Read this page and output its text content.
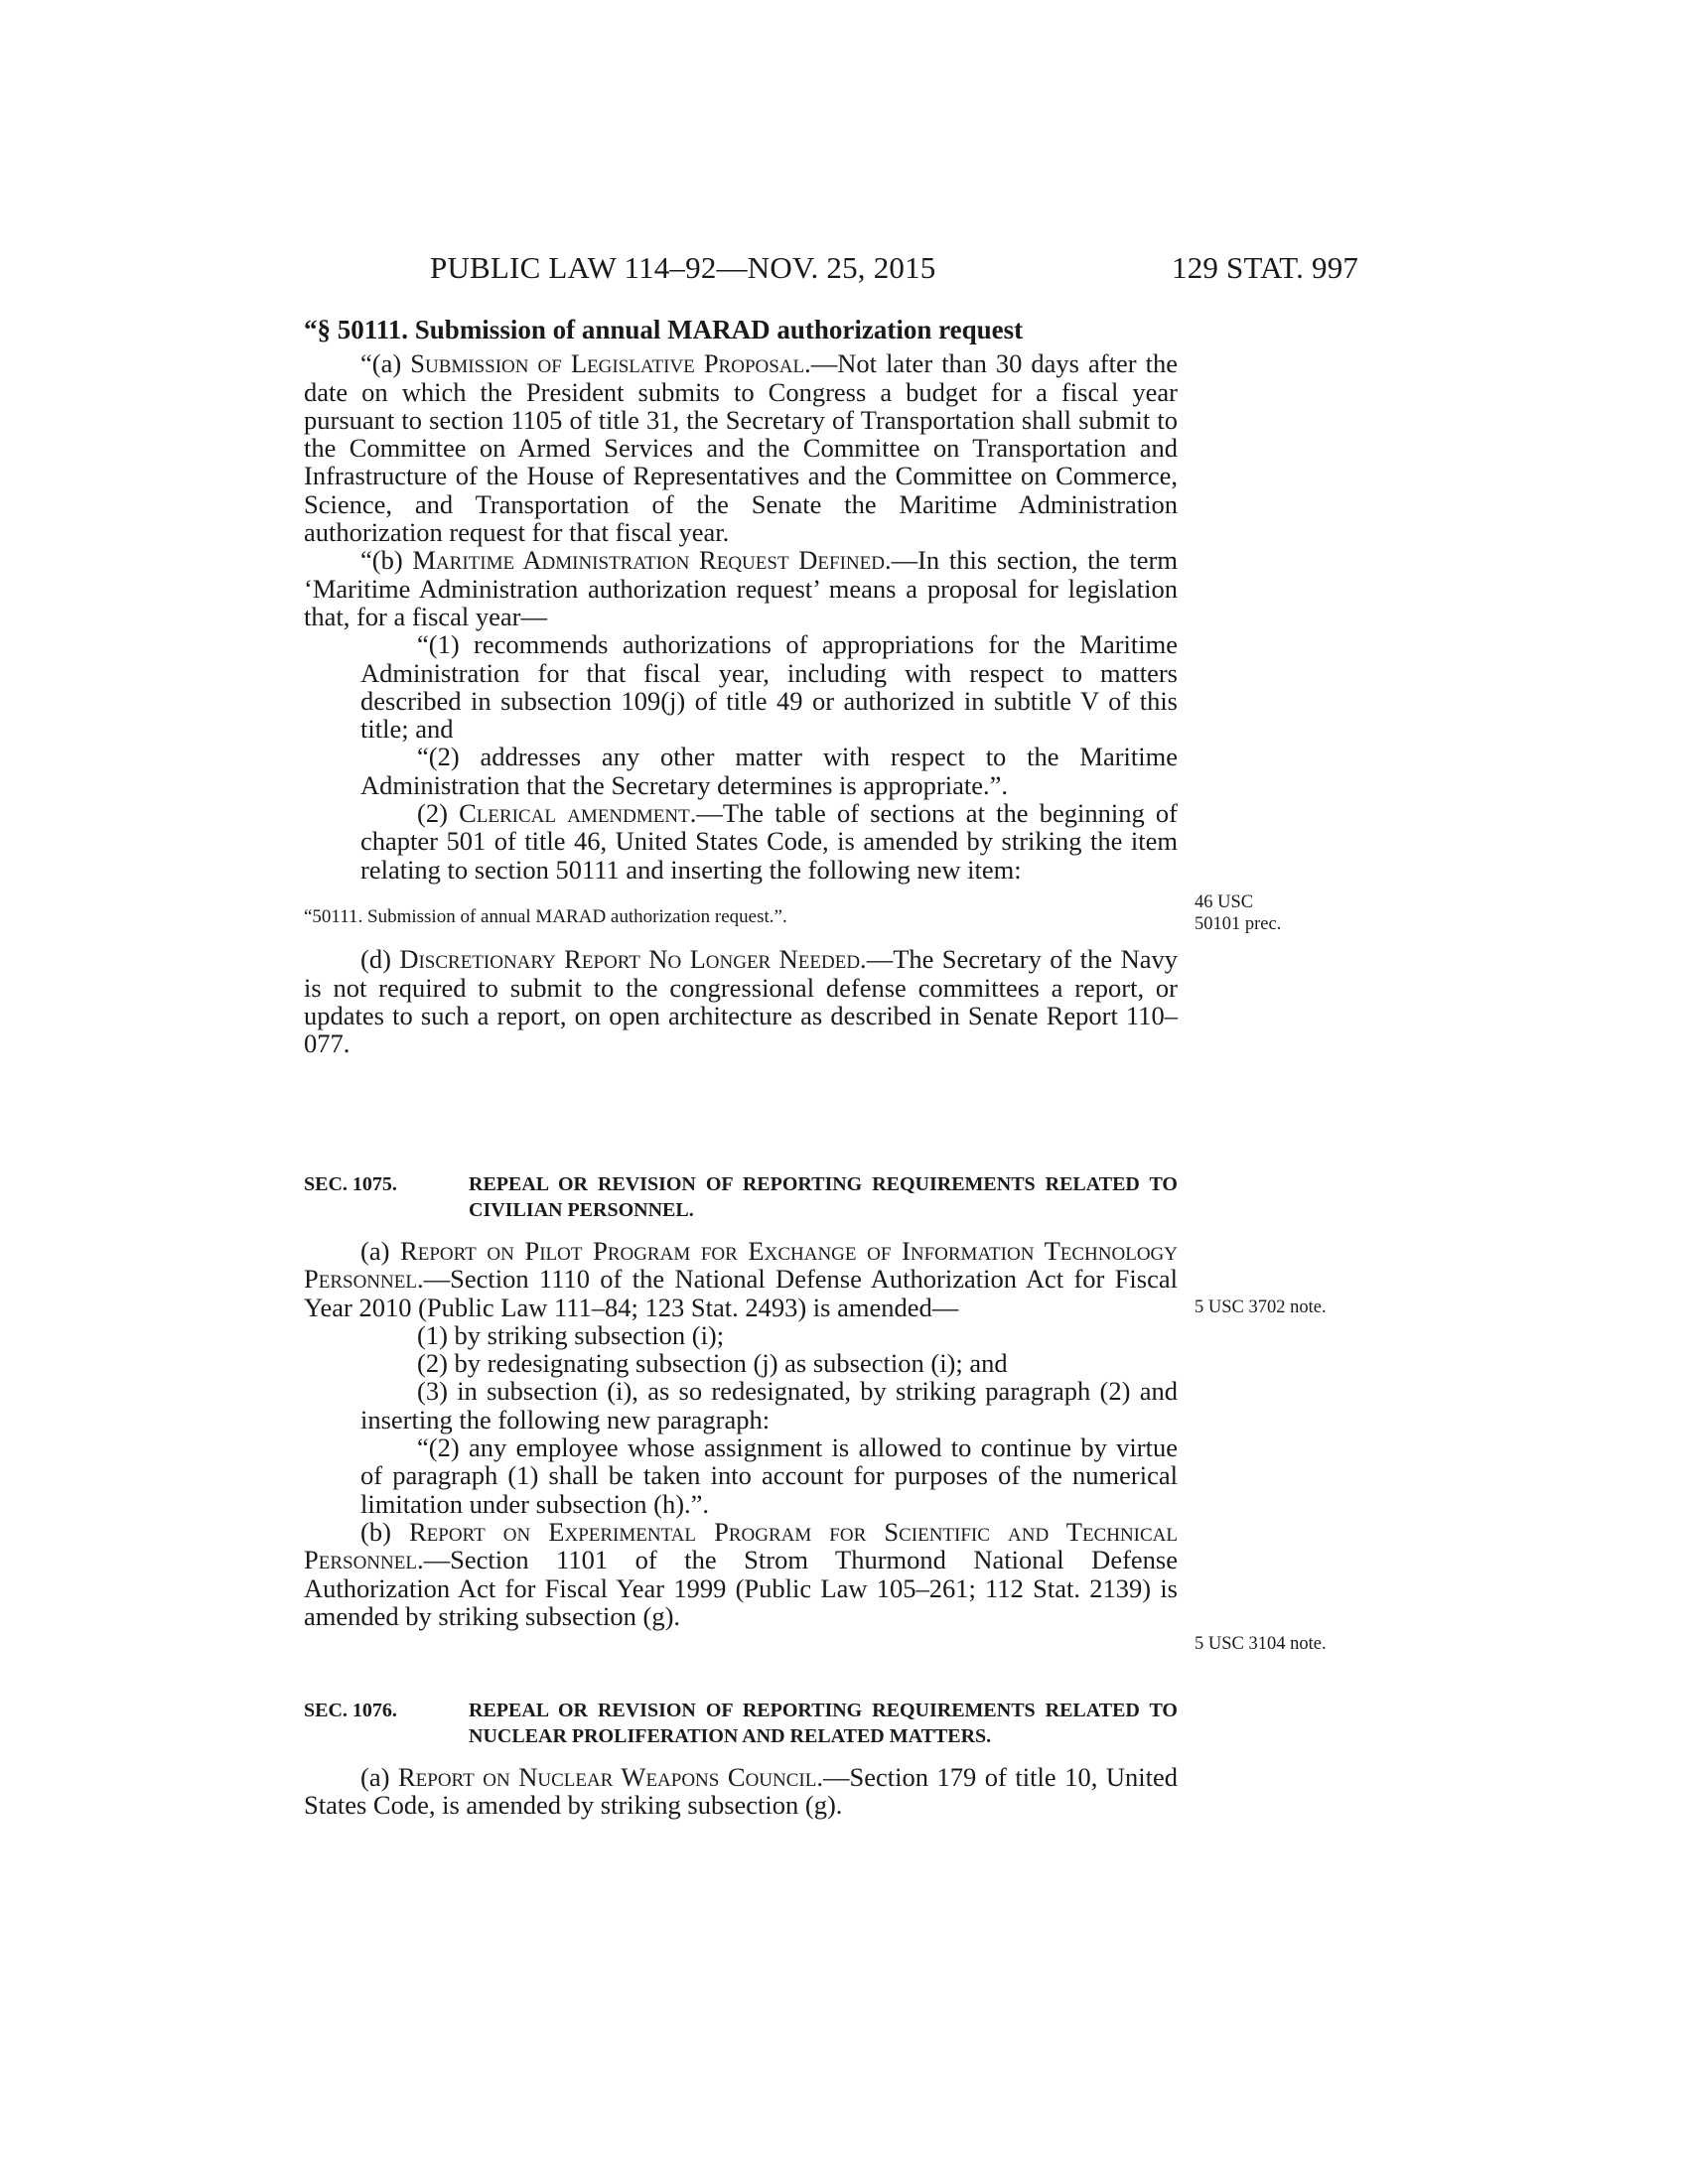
PUBLIC LAW 114–92—NOV. 25, 2015	129 STAT. 997

“§ 50111. Submission of annual MARAD authorization request

“(a) Submission of Legislative Proposal.—Not later than 30 days after the date on which the President submits to Congress a budget for a fiscal year pursuant to section 1105 of title 31, the Secretary of Transportation shall submit to the Committee on Armed Services and the Committee on Transportation and Infrastructure of the House of Representatives and the Committee on Commerce, Science, and Transportation of the Senate the Maritime Administration authorization request for that fiscal year.

“(b) Maritime Administration Request Defined.—In this section, the term ‘Maritime Administration authorization request’ means a proposal for legislation that, for a fiscal year—

“(1) recommends authorizations of appropriations for the Maritime Administration for that fiscal year, including with respect to matters described in subsection 109(j) of title 49 or authorized in subtitle V of this title; and

“(2) addresses any other matter with respect to the Maritime Administration that the Secretary determines is appropriate.”.

(2) Clerical amendment.—The table of sections at the beginning of chapter 501 of title 46, United States Code, is amended by striking the item relating to section 50111 and inserting the following new item:

“50111. Submission of annual MARAD authorization request.”.

(d) Discretionary Report No Longer Needed.—The Secretary of the Navy is not required to submit to the congressional defense committees a report, or updates to such a report, on open architecture as described in Senate Report 110–077.

SEC. 1075.	REPEAL OR REVISION OF REPORTING REQUIREMENTS RELATED TO CIVILIAN PERSONNEL.

(a) Report on Pilot Program for Exchange of Information Technology Personnel.—Section 1110 of the National Defense Authorization Act for Fiscal Year 2010 (Public Law 111–84; 123 Stat. 2493) is amended—

(1) by striking subsection (i);

(2) by redesignating subsection (j) as subsection (i); and

(3) in subsection (i), as so redesignated, by striking paragraph (2) and inserting the following new paragraph:

“(2) any employee whose assignment is allowed to continue by virtue of paragraph (1) shall be taken into account for purposes of the numerical limitation under subsection (h).”.

(b) Report on Experimental Program for Scientific and Technical Personnel.—Section 1101 of the Strom Thurmond National Defense Authorization Act for Fiscal Year 1999 (Public Law 105–261; 112 Stat. 2139) is amended by striking subsection (g).

SEC. 1076.	REPEAL OR REVISION OF REPORTING REQUIREMENTS RELATED TO NUCLEAR PROLIFERATION AND RELATED MATTERS.

(a) Report on Nuclear Weapons Council.—Section 179 of title 10, United States Code, is amended by striking subsection (g).

46 USC
50101 prec.
5 USC 3702 note.
5 USC 3104 note.
